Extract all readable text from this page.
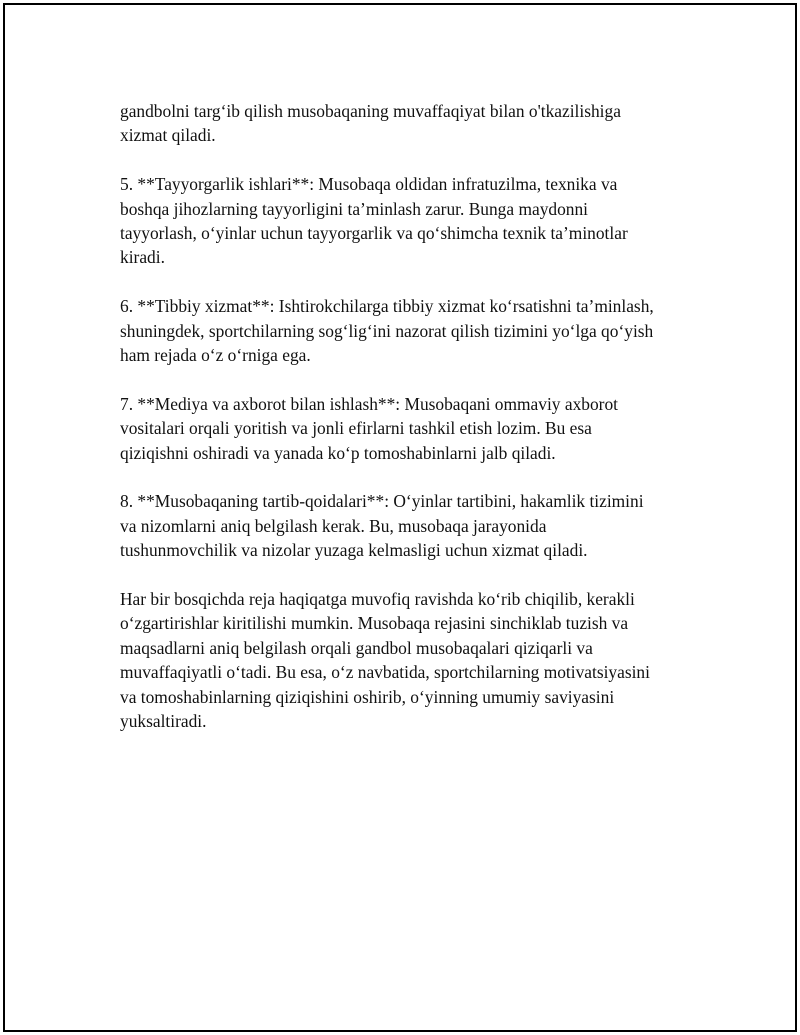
gandbolni targ‘ib qilish musobaqaning muvaffaqiyat bilan o'tkazilishiga
xizmat qiladi.

5. **Tayyorgarlik ishlari**: Musobaqa oldidan infratuzilma, texnika va
boshqa jihozlarning tayyorligini ta’minlash zarur. Bunga maydonni
tayyorlash, o‘yinlar uchun tayyorgarlik va qo‘shimcha texnik ta’minotlar
kiradi.

6. **Tibbiy xizmat**: Ishtirokchilarga tibbiy xizmat ko‘rsatishni ta’minlash,
shuningdek, sportchilarning sog‘lig‘ini nazorat qilish tizimini yo‘lga qo‘yish
ham rejada o‘z o‘rniga ega.

7. **Mediya va axborot bilan ishlash**: Musobaqani ommaviy axborot
vositalari orqali yoritish va jonli efirlarni tashkil etish lozim. Bu esa
qiziqishni oshiradi va yanada ko‘p tomoshabinlarni jalb qiladi.

8. **Musobaqaning tartib-qoidalari**: O‘yinlar tartibini, hakamlik tizimini
va nizomlarni aniq belgilash kerak. Bu, musobaqa jarayonida
tushunmovchilik va nizolar yuzaga kelmasligi uchun xizmat qiladi.

Har bir bosqichda reja haqiqatga muvofiq ravishda ko‘rib chiqilib, kerakli
o‘zgartirishlar kiritilishi mumkin. Musobaqa rejasini sinchiklab tuzish va
maqsadlarni aniq belgilash orqali gandbol musobaqalari qiziqarli va
muvaffaqiyatli o‘tadi. Bu esa, o‘z navbatida, sportchilarning motivatsiyasini
va tomoshabinlarning qiziqishini oshirib, o‘yinning umumiy saviyasini
yuksaltiradi.
